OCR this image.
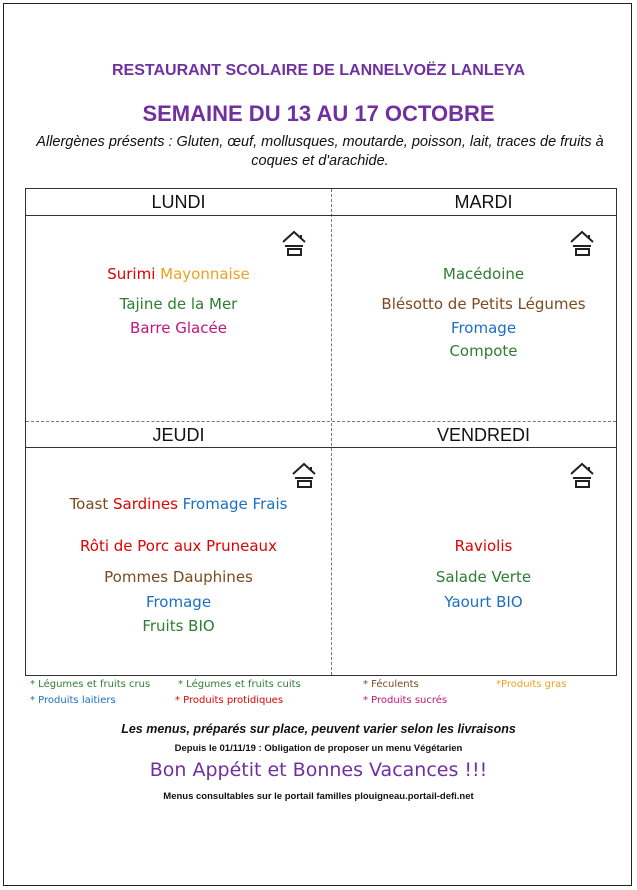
RESTAURANT SCOLAIRE DE LANNELVOËZ LANLEYA
SEMAINE DU 13 AU 17 OCTOBRE
Allergènes présents : Gluten, œuf, mollusques, moutarde, poisson, lait, traces de fruits à coques et d'arachide.
LUNDI	MARDI
JEUDI	VENDREDI
Surimi Mayonnaise
Tajine de la Mer
Barre Glacée
Macédoine
Blésotto de Petits Légumes
Fromage
Compote
Toast Sardines Fromage Frais
Rôti de Porc aux Pruneaux
Pommes Dauphines
Fromage
Fruits BIO
Raviolis
Salade Verte
Yaourt BIO
* Légumes et fruits crus	* Légumes et fruits cuits	* Féculents	*Produits gras
* Produits laitiers	* Produits protidiques	* Produits sucrés
Les menus, préparés sur place, peuvent varier selon les livraisons
Depuis le 01/11/19 : Obligation de proposer un menu Végétarien
Bon Appétit et Bonnes Vacances !!!
Menus consultables sur le portail familles plouigneau.portail-defi.net
